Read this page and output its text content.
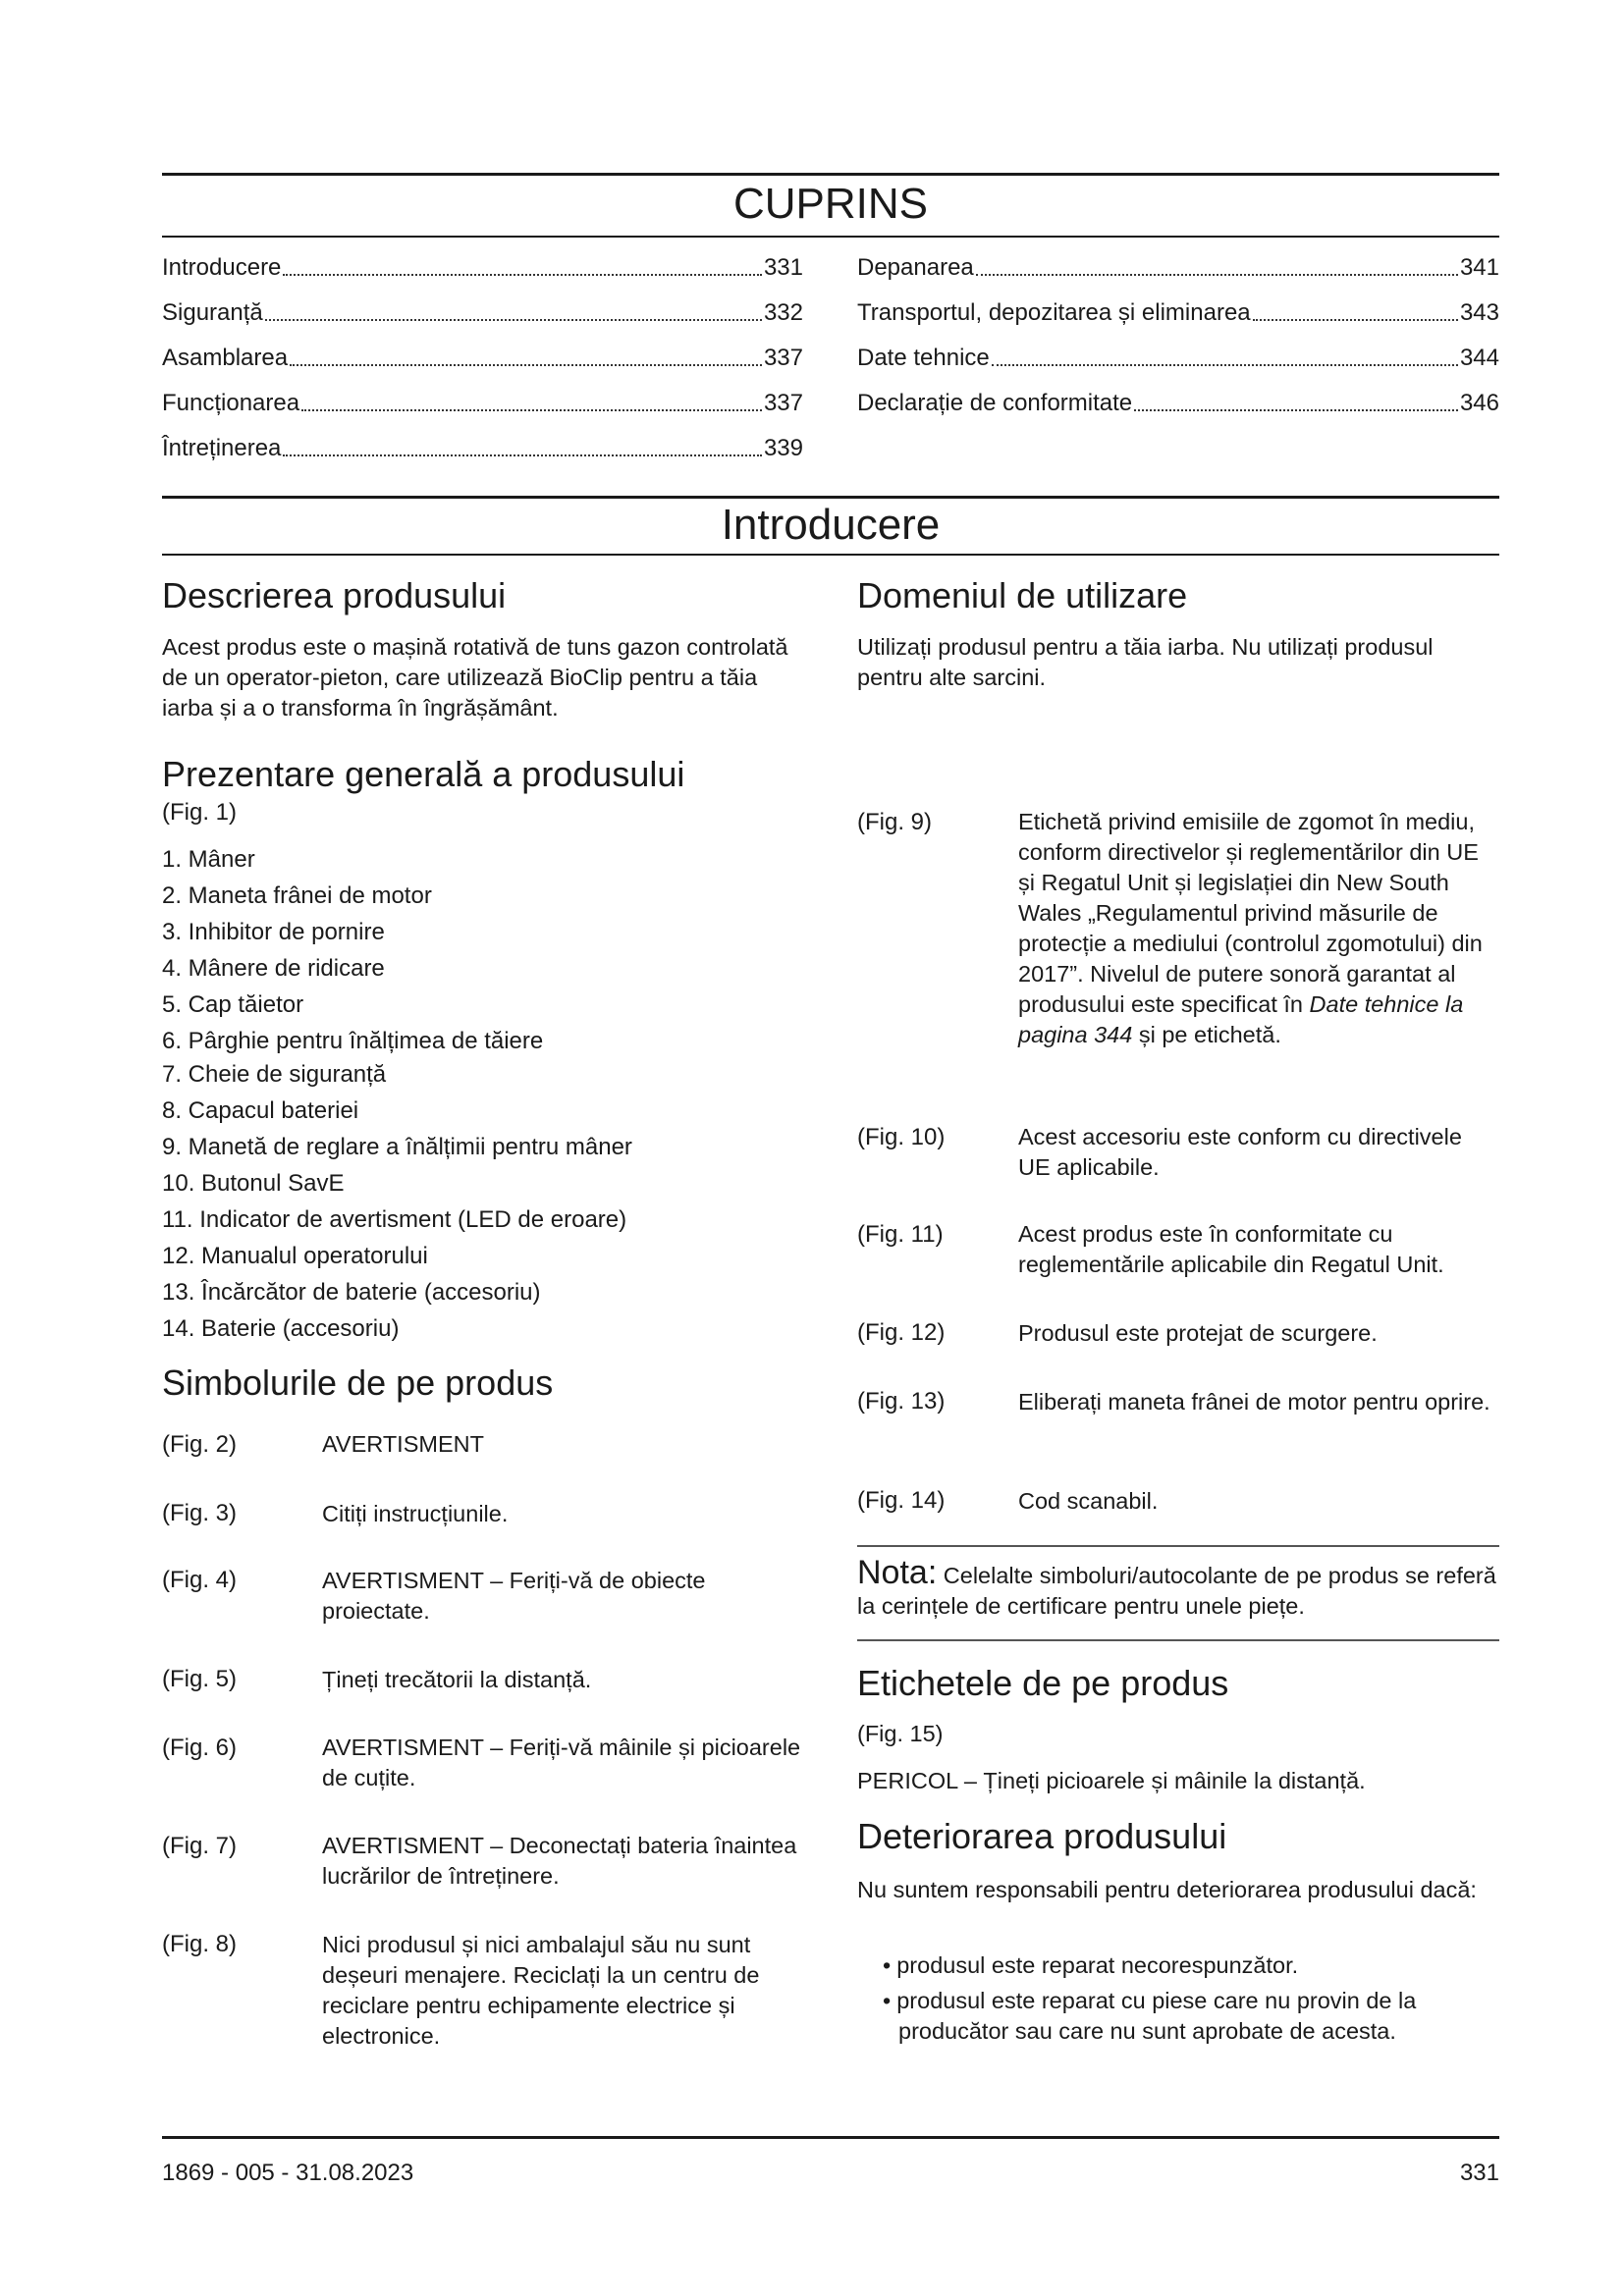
CUPRINS
Introducere	331
Siguranță	332
Asamblarea	337
Funcționarea	337
Întreținerea	339
Depanarea	341
Transportul, depozitarea și eliminarea	343
Date tehnice	344
Declarație de conformitate	346
Introducere
Descrierea produsului
Acest produs este o mașină rotativă de tuns gazon controlată de un operator-pieton, care utilizează BioClip pentru a tăia iarba și a o transforma în îngrășământ.
Prezentare generală a produsului
(Fig. 1)
1. Mâner
2. Maneta frânei de motor
3. Inhibitor de pornire
4. Mânere de ridicare
5. Cap tăietor
6. Pârghie pentru înălțimea de tăiere
7. Cheie de siguranță
8. Capacul bateriei
9. Manetă de reglare a înălțimii pentru mâner
10. Butonul SavE
11. Indicator de avertisment (LED de eroare)
12. Manualul operatorului
13. Încărcător de baterie (accesoriu)
14. Baterie (accesoriu)
Simbolurile de pe produs
(Fig. 2)	AVERTISMENT
(Fig. 3)	Citiți instrucțiunile.
(Fig. 4)	AVERTISMENT – Feriți-vă de obiecte proiectate.
(Fig. 5)	Țineți trecătorii la distanță.
(Fig. 6)	AVERTISMENT – Feriți-vă mâinile și picioarele de cuțite.
(Fig. 7)	AVERTISMENT – Deconectați bateria înaintea lucrărilor de întreținere.
(Fig. 8)	Nici produsul și nici ambalajul său nu sunt deșeuri menajere. Reciclați la un centru de reciclare pentru echipamente electrice și electronice.
Domeniul de utilizare
Utilizați produsul pentru a tăia iarba. Nu utilizați produsul pentru alte sarcini.
(Fig. 9)	Etichetă privind emisiile de zgomot în mediu, conform directivelor și reglementărilor din UE și Regatul Unit și legislației din New South Wales „Regulamentul privind măsurile de protecție a mediului (controlul zgomotului) din 2017”. Nivelul de putere sonoră garantat al produsului este specificat în Date tehnice la pagina 344 și pe etichetă.
(Fig. 10)	Acest accesoriu este conform cu directivele UE aplicabile.
(Fig. 11)	Acest produs este în conformitate cu reglementările aplicabile din Regatul Unit.
(Fig. 12)	Produsul este protejat de scurgere.
(Fig. 13)	Eliberați maneta frânei de motor pentru oprire.
(Fig. 14)	Cod scanabil.
Nota: Celelalte simboluri/autocolante de pe produs se referă la cerințele de certificare pentru unele piețe.
Etichetele de pe produs
(Fig. 15)
PERICOL – Țineți picioarele și mâinile la distanță.
Deteriorarea produsului
Nu suntem responsabili pentru deteriorarea produsului dacă:
• produsul este reparat necorespunzător.
• produsul este reparat cu piese care nu provin de la producător sau care nu sunt aprobate de acesta.
1869 - 005 - 31.08.2023	331
